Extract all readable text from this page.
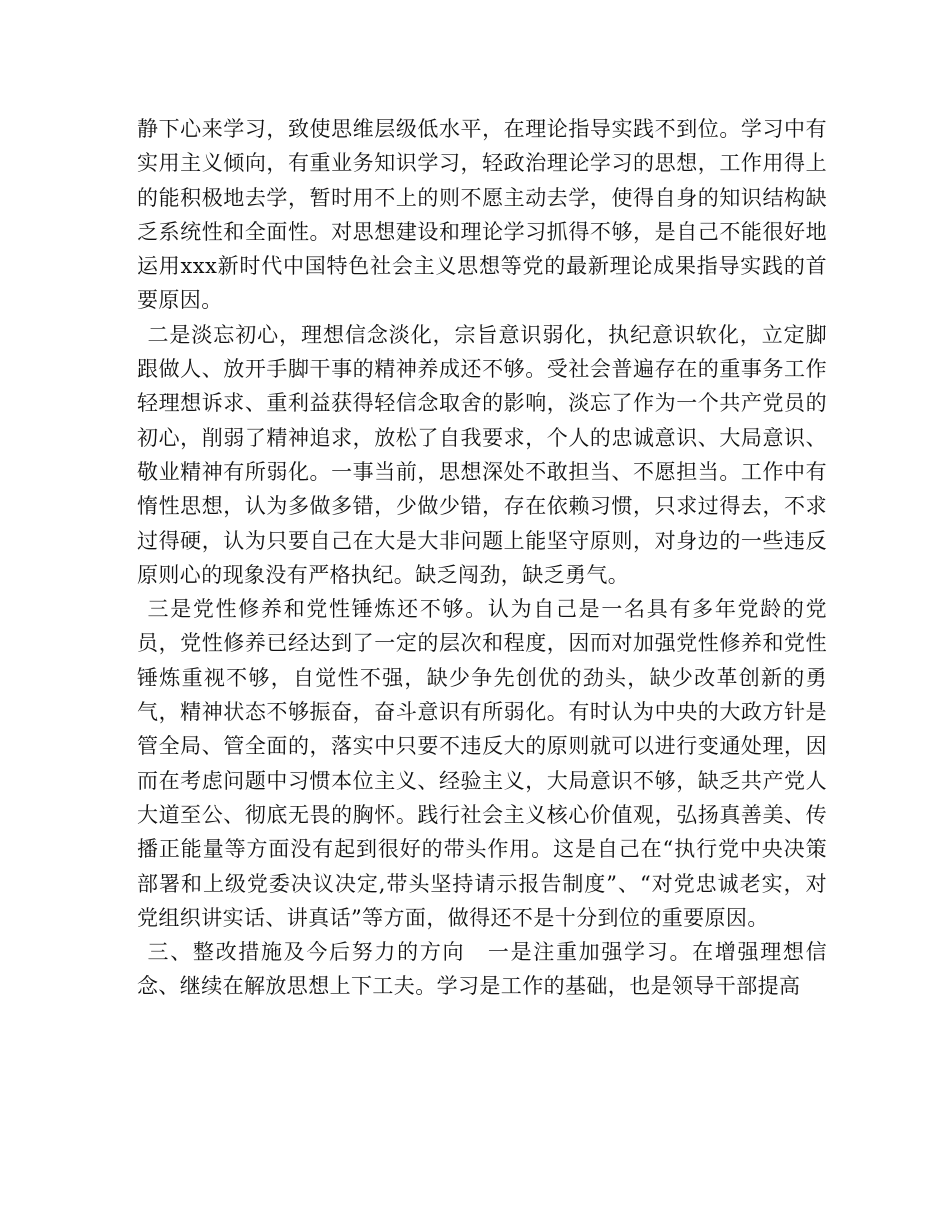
静下心来学习，致使思维层级低水平，在理论指导实践不到位。学习中有实用主义倾向，有重业务知识学习，轻政治理论学习的思想，工作用得上的能积极地去学，暂时用不上的则不愿主动去学，使得自身的知识结构缺乏系统性和全面性。对思想建设和理论学习抓得不够，是自己不能很好地运用xxx新时代中国特色社会主义思想等党的最新理论成果指导实践的首要原因。

二是淡忘初心，理想信念淡化，宗旨意识弱化，执纪意识软化，立定脚跟做人、放开手脚干事的精神养成还不够。受社会普遍存在的重事务工作轻理想诉求、重利益获得轻信念取舍的影响，淡忘了作为一个共产党员的初心，削弱了精神追求，放松了自我要求，个人的忠诚意识、大局意识、敬业精神有所弱化。一事当前，思想深处不敢担当、不愿担当。工作中有惰性思想，认为多做多错，少做少错，存在依赖习惯，只求过得去，不求过得硬，认为只要自己在大是大非问题上能坚守原则，对身边的一些违反原则心的现象没有严格执纪。缺乏闯劲，缺乏勇气。

三是党性修养和党性锤炼还不够。认为自己是一名具有多年党龄的党员，党性修养已经达到了一定的层次和程度，因而对加强党性修养和党性锤炼重视不够，自觉性不强，缺少争先创优的劲头，缺少改革创新的勇气，精神状态不够振奋，奋斗意识有所弱化。有时认为中央的大政方针是管全局、管全面的，落实中只要不违反大的原则就可以进行变通处理，因而在考虑问题中习惯本位主义、经验主义，大局意识不够，缺乏共产党人大道至公、彻底无畏的胸怀。践行社会主义核心价值观，弘扬真善美、传播正能量等方面没有起到很好的带头作用。这是自己在“执行党中央决策部署和上级党委决议决定,带头坚持请示报告制度”、“对党忠诚老实，对党组织讲实话、讲真话”等方面，做得还不是十分到位的重要原因。

三、整改措施及今后努力的方向　一是注重加强学习。在增强理想信念、继续在解放思想上下工夫。学习是工作的基础，也是领导干部提高
